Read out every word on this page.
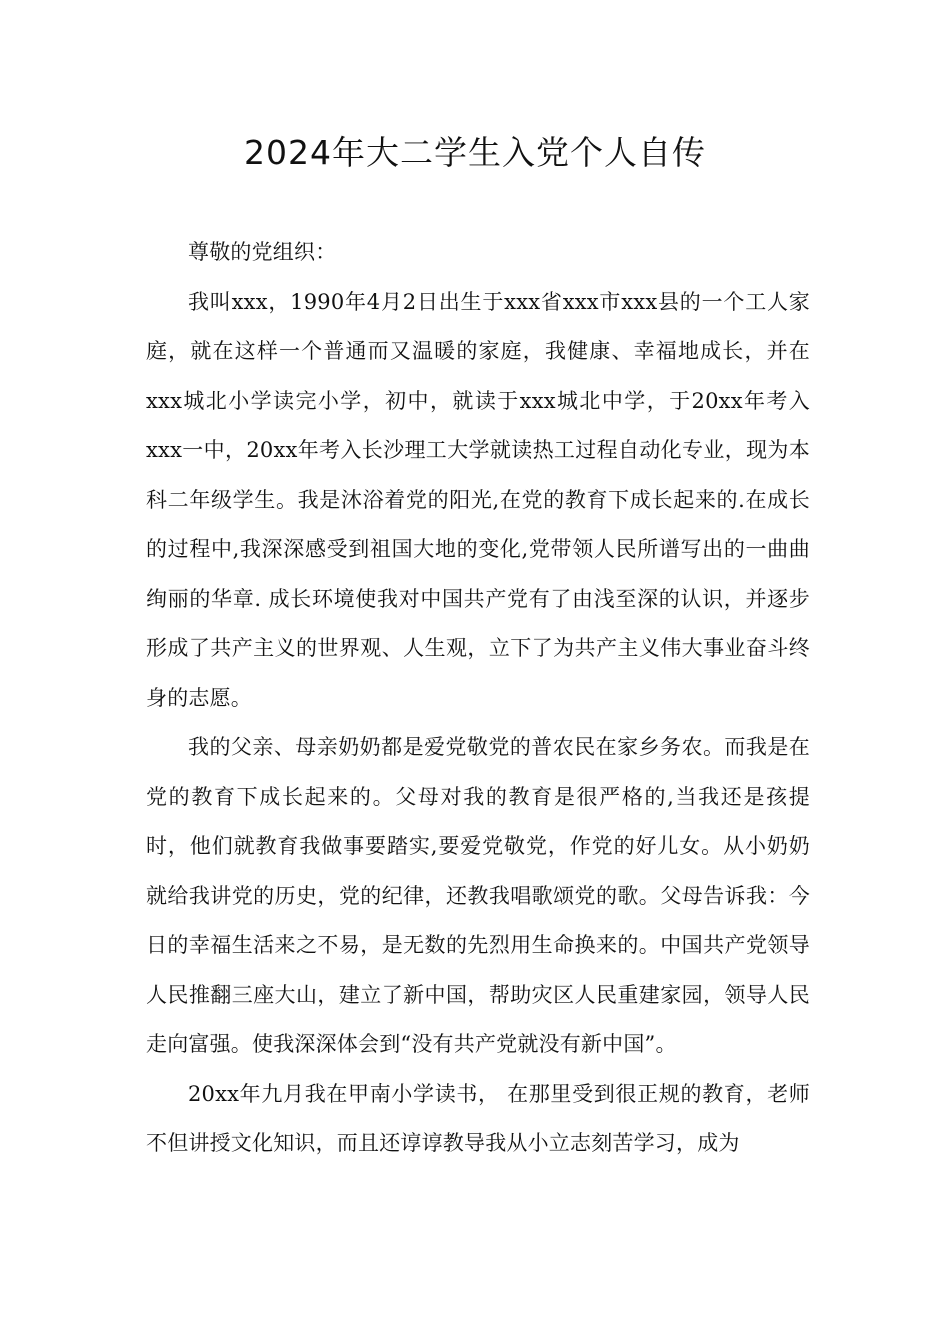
2024年大二学生入党个人自传

尊敬的党组织：

我叫xxx，1990年4月2日出生于xxx省xxx市xxx县的一个工人家庭，就在这样一个普通而又温暖的家庭，我健康、幸福地成长，并在xxx城北小学读完小学，初中，就读于xxx城北中学，于20xx年考入xxx一中，20xx年考入长沙理工大学就读热工过程自动化专业，现为本科二年级学生。我是沐浴着党的阳光,在党的教育下成长起来的.在成长的过程中,我深深感受到祖国大地的变化,党带领人民所谱写出的一曲曲绚丽的华章. 成长环境使我对中国共产党有了由浅至深的认识，并逐步形成了共产主义的世界观、人生观，立下了为共产主义伟大事业奋斗终身的志愿。

我的父亲、母亲奶奶都是爱党敬党的普农民在家乡务农。而我是在党的教育下成长起来的。父母对我的教育是很严格的,当我还是孩提时，他们就教育我做事要踏实,要爱党敬党，作党的好儿女。从小奶奶就给我讲党的历史，党的纪律，还教我唱歌颂党的歌。父母告诉我：今日的幸福生活来之不易，是无数的先烈用生命换来的。中国共产党领导人民推翻三座大山，建立了新中国，帮助灾区人民重建家园，领导人民走向富强。使我深深体会到“没有共产党就没有新中国”。

20xx年九月我在甲南小学读书， 在那里受到很正规的教育，老师不但讲授文化知识，而且还谆谆教导我从小立志刻苦学习，成为
